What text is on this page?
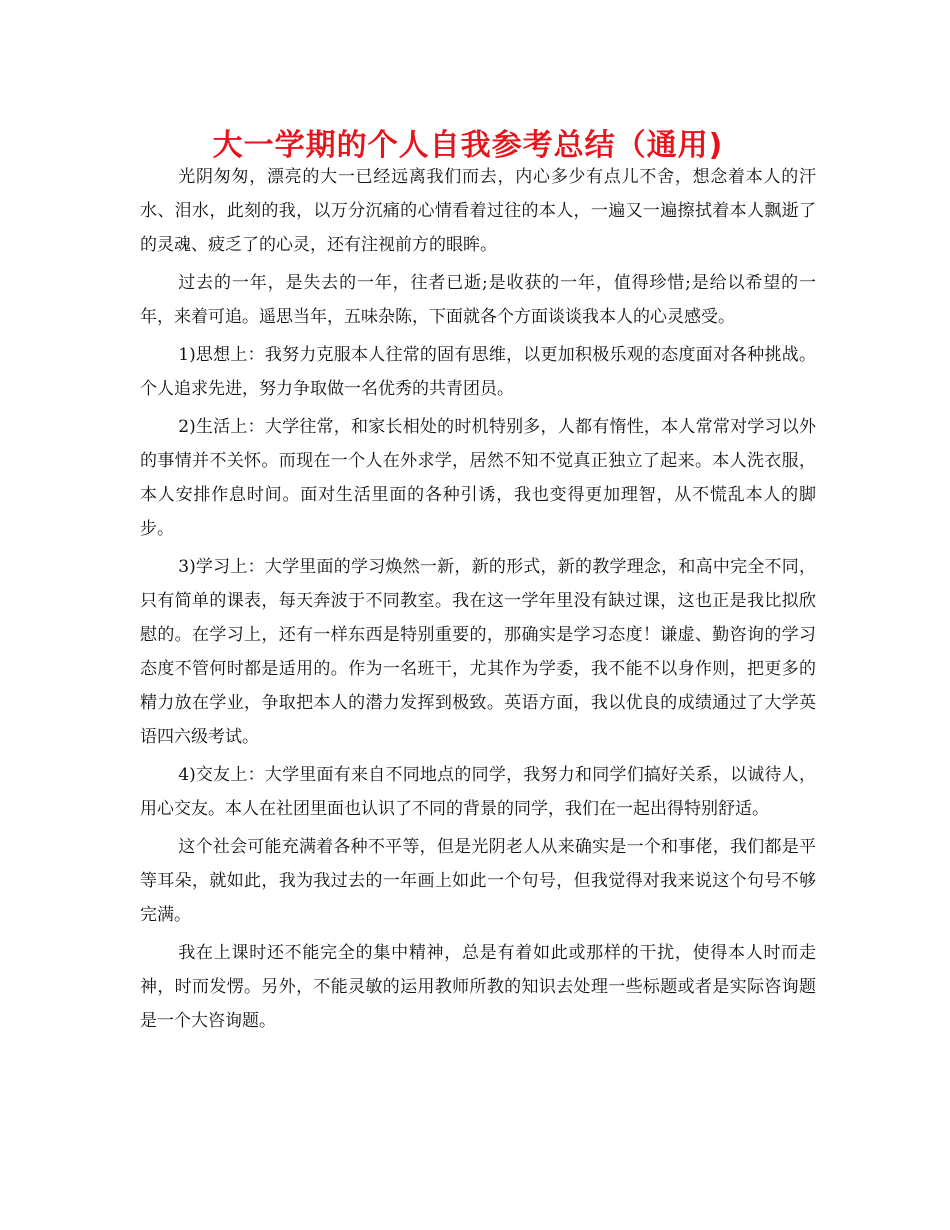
大一学期的个人自我参考总结（通用)

光阴匆匆，漂亮的大一已经远离我们而去，内心多少有点儿不舍，想念着本人的汗水、泪水，此刻的我，以万分沉痛的心情看着过往的本人，一遍又一遍擦拭着本人飘逝了的灵魂、疲乏了的心灵，还有注视前方的眼眸。

过去的一年，是失去的一年，往者已逝;是收获的一年，值得珍惜;是给以希望的一年，来着可追。遥思当年，五味杂陈，下面就各个方面谈谈我本人的心灵感受。

1)思想上：我努力克服本人往常的固有思维，以更加积极乐观的态度面对各种挑战。个人追求先进，努力争取做一名优秀的共青团员。

2)生活上：大学往常，和家长相处的时机特别多，人都有惰性，本人常常对学习以外的事情并不关怀。而现在一个人在外求学，居然不知不觉真正独立了起来。本人洗衣服，本人安排作息时间。面对生活里面的各种引诱，我也变得更加理智，从不慌乱本人的脚步。

3)学习上：大学里面的学习焕然一新，新的形式，新的教学理念，和高中完全不同，只有简单的课表，每天奔波于不同教室。我在这一学年里没有缺过课，这也正是我比拟欣慰的。在学习上，还有一样东西是特别重要的，那确实是学习态度！谦虚、勤咨询的学习态度不管何时都是适用的。作为一名班干，尤其作为学委，我不能不以身作则，把更多的精力放在学业，争取把本人的潜力发挥到极致。英语方面，我以优良的成绩通过了大学英语四六级考试。

4)交友上：大学里面有来自不同地点的同学，我努力和同学们搞好关系，以诚待人，用心交友。本人在社团里面也认识了不同的背景的同学，我们在一起出得特别舒适。

这个社会可能充满着各种不平等，但是光阴老人从来确实是一个和事佬，我们都是平等耳朵，就如此，我为我过去的一年画上如此一个句号，但我觉得对我来说这个句号不够完满。

我在上课时还不能完全的集中精神，总是有着如此或那样的干扰，使得本人时而走神，时而发愣。另外，不能灵敏的运用教师所教的知识去处理一些标题或者是实际咨询题是一个大咨询题。
